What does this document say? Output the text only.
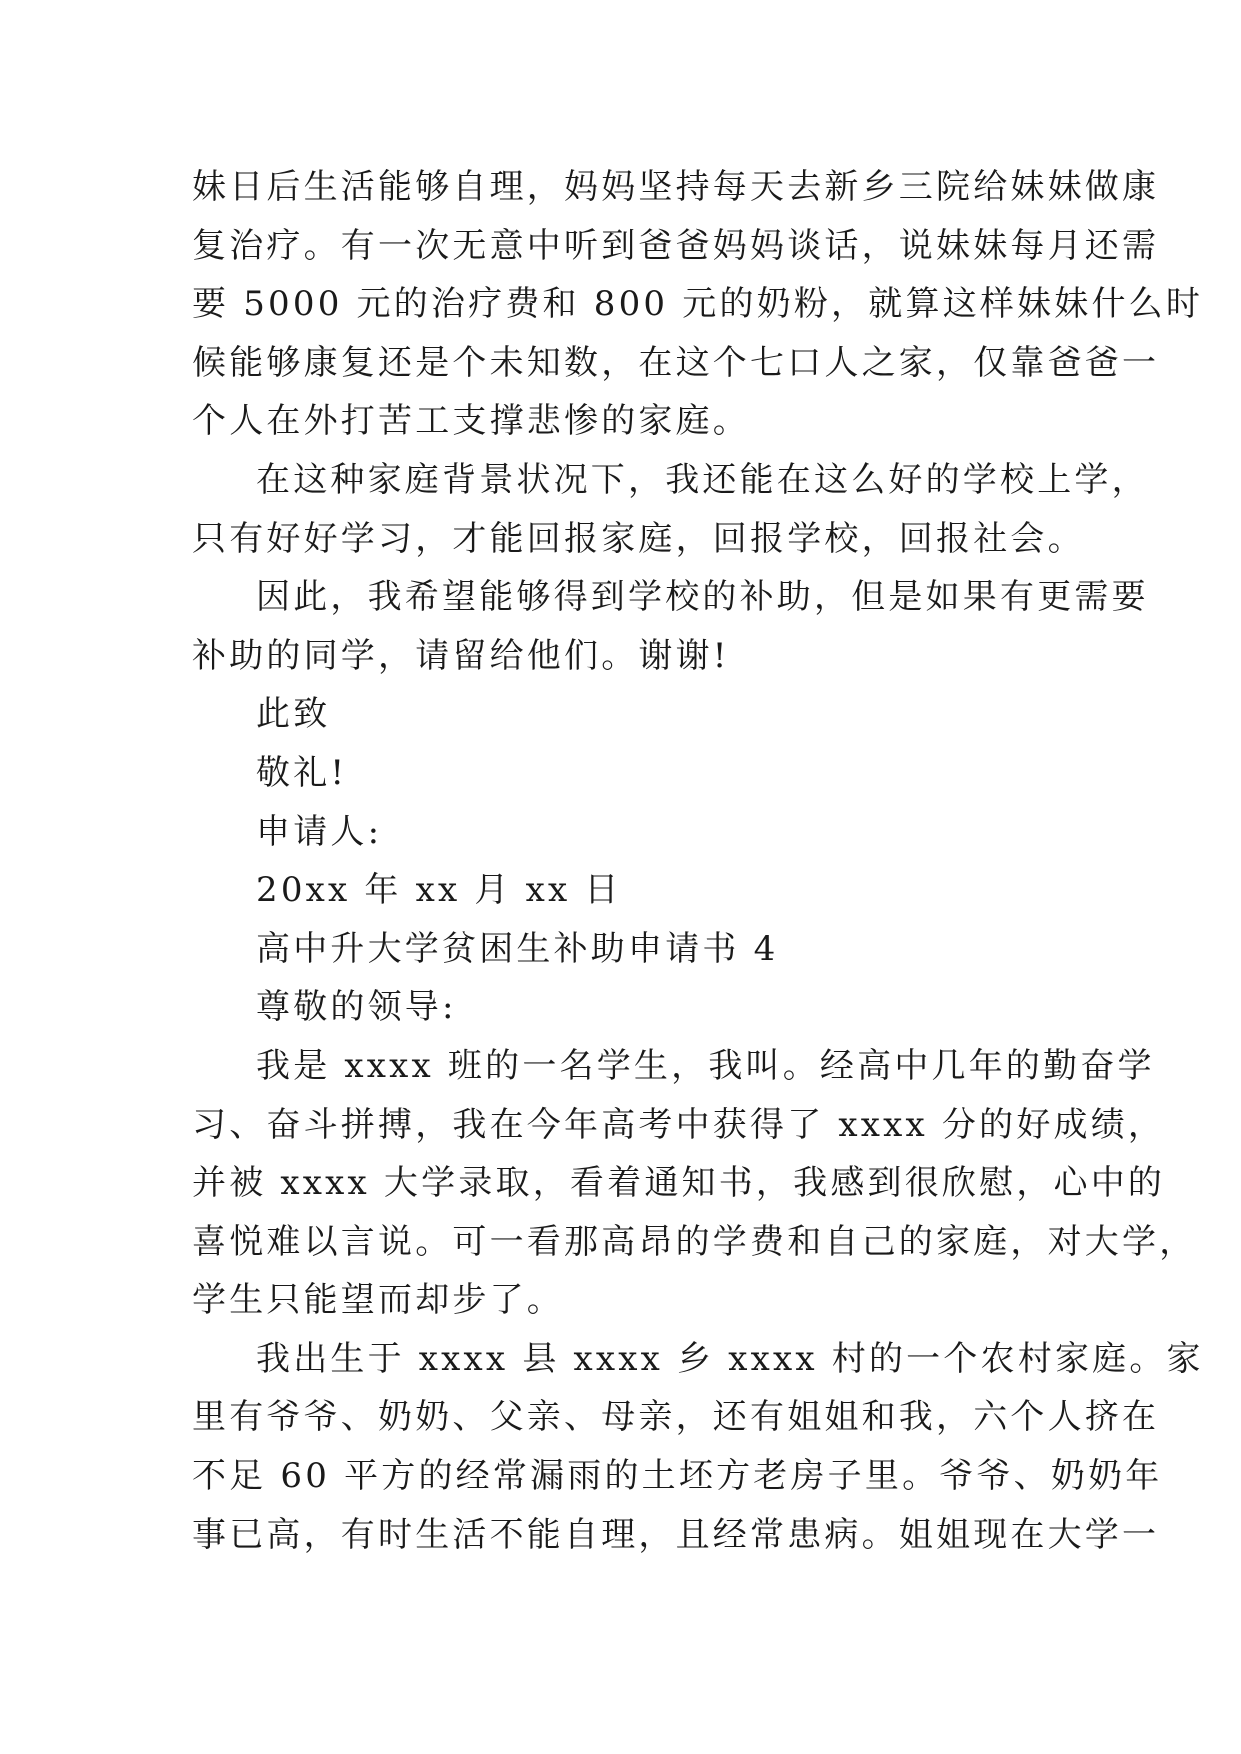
妹日后生活能够自理，妈妈坚持每天去新乡三院给妹妹做康
复治疗。有一次无意中听到爸爸妈妈谈话，说妹妹每月还需
要 5000 元的治疗费和 800 元的奶粉，就算这样妹妹什么时
候能够康复还是个未知数，在这个七口人之家，仅靠爸爸一
个人在外打苦工支撑悲惨的家庭。
在这种家庭背景状况下，我还能在这么好的学校上学，
只有好好学习，才能回报家庭，回报学校，回报社会。
因此，我希望能够得到学校的补助，但是如果有更需要
补助的同学，请留给他们。谢谢!
此致
敬礼!
申请人:
20xx 年 xx 月 xx 日
高中升大学贫困生补助申请书 4
尊敬的领导:
我是 xxxx 班的一名学生，我叫。经高中几年的勤奋学
习、奋斗拼搏，我在今年高考中获得了 xxxx 分的好成绩，
并被 xxxx 大学录取，看着通知书，我感到很欣慰，心中的
喜悦难以言说。可一看那高昂的学费和自己的家庭，对大学，
学生只能望而却步了。
我出生于 xxxx 县 xxxx 乡 xxxx 村的一个农村家庭。家
里有爷爷、奶奶、父亲、母亲，还有姐姐和我，六个人挤在
不足 60 平方的经常漏雨的土坯方老房子里。爷爷、奶奶年
事已高，有时生活不能自理，且经常患病。姐姐现在大学一
